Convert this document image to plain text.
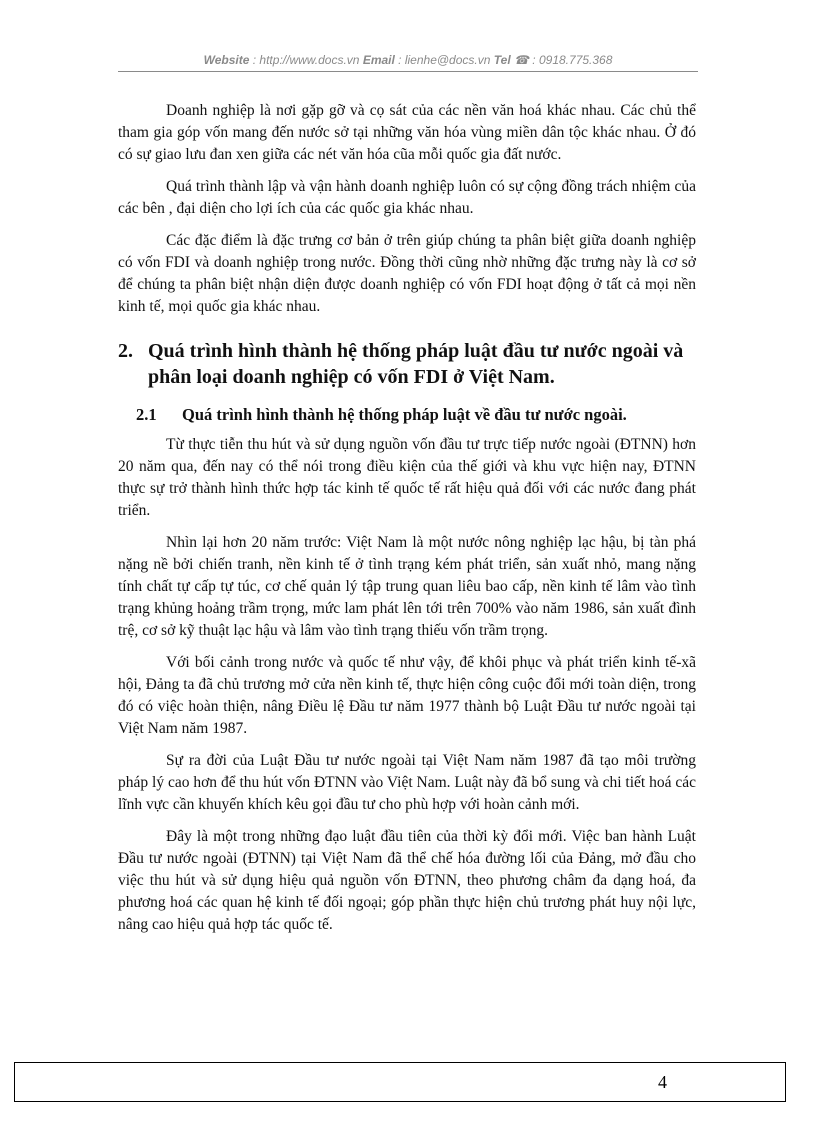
Website : http://www.docs.vn Email : lienhe@docs.vn Tel ☎ : 0918.775.368

Doanh nghiệp là nơi gặp gỡ và cọ sát của các nền văn hoá khác nhau. Các chủ thể tham gia góp vốn mang đến nước sở tại những văn hóa vùng miền dân tộc khác nhau. Ở đó có sự giao lưu đan xen giữa các nét văn hóa cũa mỗi quốc gia đất nước.

Quá trình thành lập và vận hành doanh nghiệp luôn có sự cộng đồng trách nhiệm của các bên , đại diện cho lợi ích của các quốc gia khác nhau.

Các đặc điểm là đặc trưng cơ bản ở trên giúp chúng ta phân biệt giữa doanh nghiệp có vốn FDI và doanh nghiệp trong nước. Đồng thời cũng nhờ những đặc trưng này là cơ sở để chúng ta phân biệt nhận diện được doanh nghiệp có vốn FDI hoạt động ở tất cả mọi nền kinh tế, mọi quốc gia khác nhau.

2. Quá trình hình thành hệ thống pháp luật đầu tư nước ngoài và phân loại doanh nghiệp có vốn FDI ở Việt Nam.
2.1 Quá trình hình thành hệ thống pháp luật về đầu tư nước ngoài.

Từ thực tiễn thu hút và sử dụng nguồn vốn đầu tư trực tiếp nước ngoài (ĐTNN) hơn 20 năm qua, đến nay có thể nói trong điều kiện của thế giới và khu vực hiện nay, ĐTNN thực sự trở thành hình thức hợp tác kinh tế quốc tế rất hiệu quả đối với các nước đang phát triển.

Nhìn lại hơn 20 năm trước: Việt Nam là một nước nông nghiệp lạc hậu, bị tàn phá nặng nề bởi chiến tranh, nền kinh tế ở tình trạng kém phát triển, sản xuất nhỏ, mang nặng tính chất tự cấp tự túc, cơ chế quản lý tập trung quan liêu bao cấp, nền kinh tế lâm vào tình trạng khủng hoảng trầm trọng, mức lam phát lên tới trên 700% vào năm 1986, sản xuất đình trệ, cơ sở kỹ thuật lạc hậu và lâm vào tình trạng thiếu vốn trầm trọng.

Với bối cảnh trong nước và quốc tế như vậy, để khôi phục và phát triển kinh tế-xã hội, Đảng ta đã chủ trương mở cửa nền kinh tế, thực hiện công cuộc đổi mới toàn diện, trong đó có việc hoàn thiện, nâng Điều lệ Đầu tư năm 1977 thành bộ Luật Đầu tư nước ngoài tại Việt Nam năm 1987.

Sự ra đời của Luật Đầu tư nước ngoài tại Việt Nam năm 1987 đã tạo môi trường pháp lý cao hơn để thu hút vốn ĐTNN vào Việt Nam. Luật này đã bổ sung và chi tiết hoá các lĩnh vực cần khuyến khích kêu gọi đầu tư cho phù hợp với hoàn cảnh mới.

Đây là một trong những đạo luật đầu tiên của thời kỳ đổi mới. Việc ban hành Luật Đầu tư nước ngoài (ĐTNN) tại Việt Nam đã thể chế hóa đường lối của Đảng, mở đầu cho việc thu hút và sử dụng hiệu quả nguồn vốn ĐTNN, theo phương châm đa dạng hoá, đa phương hoá các quan hệ kinh tế đối ngoại; góp phần thực hiện chủ trương phát huy nội lực, nâng cao hiệu quả hợp tác quốc tế.

4
